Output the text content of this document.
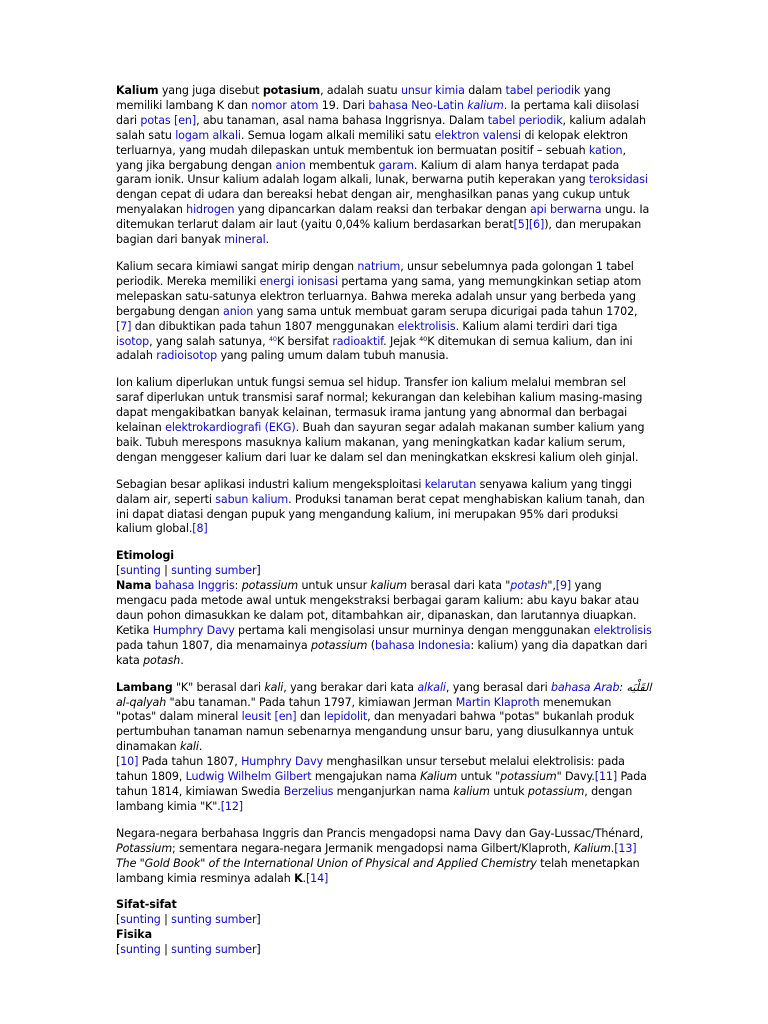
Kalium yang juga disebut potasium, adalah suatu unsur kimia dalam tabel periodik yang memiliki lambang K dan nomor atom 19. Dari bahasa Neo-Latin kalium. Ia pertama kali diisolasi dari potas [en], abu tanaman, asal nama bahasa Inggrisnya. Dalam tabel periodik, kalium adalah salah satu logam alkali. Semua logam alkali memiliki satu elektron valensi di kelopak elektron terluarnya, yang mudah dilepaskan untuk membentuk ion bermuatan positif – sebuah kation, yang jika bergabung dengan anion membentuk garam. Kalium di alam hanya terdapat pada garam ionik. Unsur kalium adalah logam alkali, lunak, berwarna putih keperakan yang teroksidasi dengan cepat di udara dan bereaksi hebat dengan air, menghasilkan panas yang cukup untuk menyalakan hidrogen yang dipancarkan dalam reaksi dan terbakar dengan api berwarna ungu. Ia ditemukan terlarut dalam air laut (yaitu 0,04% kalium berdasarkan berat[5][6]), dan merupakan bagian dari banyak mineral.

Kalium secara kimiawi sangat mirip dengan natrium, unsur sebelumnya pada golongan 1 tabel periodik. Mereka memiliki energi ionisasi pertama yang sama, yang memungkinkan setiap atom melepaskan satu-satunya elektron terluarnya. Bahwa mereka adalah unsur yang berbeda yang bergabung dengan anion yang sama untuk membuat garam serupa dicurigai pada tahun 1702,[7] dan dibuktikan pada tahun 1807 menggunakan elektrolisis. Kalium alami terdiri dari tiga isotop, yang salah satunya, $^{40}$K bersifat radioaktif. Jejak $^{40}$K ditemukan di semua kalium, dan ini adalah radioisotop yang paling umum dalam tubuh manusia.

Ion kalium diperlukan untuk fungsi semua sel hidup. Transfer ion kalium melalui membran sel saraf diperlukan untuk transmisi saraf normal; kekurangan dan kelebihan kalium masing-masing dapat mengakibatkan banyak kelainan, termasuk irama jantung yang abnormal dan berbagai kelainan elektrokardiografi (EKG). Buah dan sayuran segar adalah makanan sumber kalium yang baik. Tubuh merespons masuknya kalium makanan, yang meningkatkan kadar kalium serum, dengan menggeser kalium dari luar ke dalam sel dan meningkatkan ekskresi kalium oleh ginjal.

Sebagian besar aplikasi industri kalium mengeksploitasi kelarutan senyawa kalium yang tinggi dalam air, seperti sabun kalium. Produksi tanaman berat cepat menghabiskan kalium tanah, dan ini dapat diatasi dengan pupuk yang mengandung kalium, ini merupakan 95% dari produksi kalium global.[8]

Etimologi
[sunting | sunting sumber]

Nama bahasa Inggris: potassium untuk unsur kalium berasal dari kata "potash",[9] yang mengacu pada metode awal untuk mengekstraksi berbagai garam kalium: abu kayu bakar atau daun pohon dimasukkan ke dalam pot, ditambahkan air, dipanaskan, dan larutannya diuapkan. Ketika Humphry Davy pertama kali mengisolasi unsur murninya dengan menggunakan elektrolisis pada tahun 1807, dia menamainya potassium (bahasa Indonesia: kalium) yang dia dapatkan dari kata potash.

Lambang "K" berasal dari kali, yang berakar dari kata alkali, yang berasal dari bahasa Arab: القَلْيَه al-qalyah "abu tanaman." Pada tahun 1797, kimiawan Jerman Martin Klaproth menemukan "potas" dalam mineral leusit [en] dan lepidolit, dan menyadari bahwa "potas" bukanlah produk pertumbuhan tanaman namun sebenarnya mengandung unsur baru, yang diusulkannya untuk dinamakan kali.
[10] Pada tahun 1807, Humphry Davy menghasilkan unsur tersebut melalui elektrolisis: pada tahun 1809, Ludwig Wilhelm Gilbert mengajukan nama Kalium untuk "potassium" Davy.[11] Pada tahun 1814, kimiawan Swedia Berzelius menganjurkan nama kalium untuk potassium, dengan lambang kimia "K".[12]

Negara-negara berbahasa Inggris dan Prancis mengadopsi nama Davy dan Gay-Lussac/Thénard, Potassium; sementara negara-negara Jermanik mengadopsi nama Gilbert/Klaproth, Kalium.[13] The "Gold Book" of the International Union of Physical and Applied Chemistry telah menetapkan lambang kimia resminya adalah K.[14]

Sifat-sifat
[sunting | sunting sumber]
Fisika
[sunting | sunting sumber]
